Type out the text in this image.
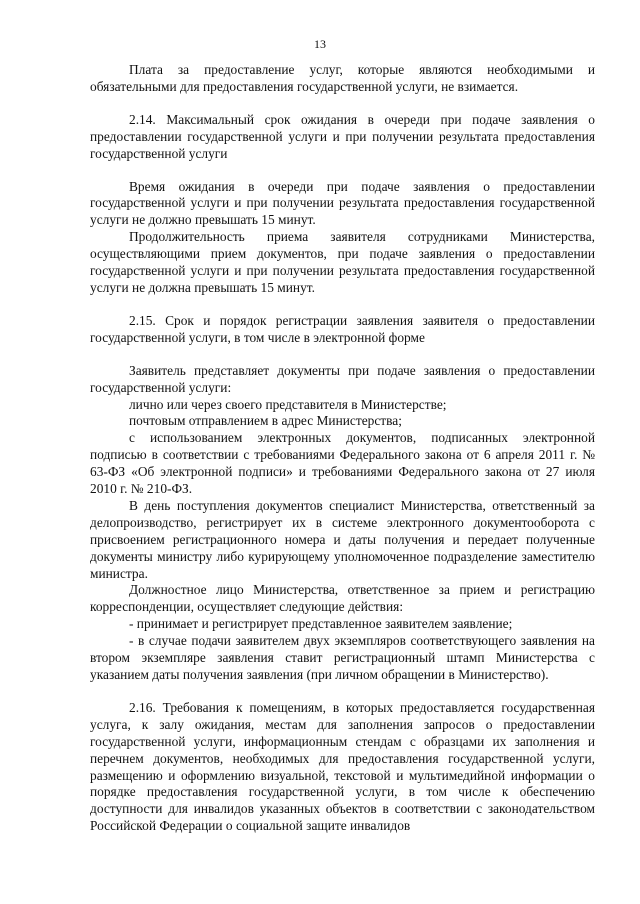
13

Плата за предоставление услуг, которые являются необходимыми и обязательными для предоставления государственной услуги, не взимается.

2.14. Максимальный срок ожидания в очереди при подаче заявления о предоставлении государственной услуги и при получении результата предоставления государственной услуги

Время ожидания в очереди при подаче заявления о предоставлении государственной услуги и при получении результата предоставления государственной услуги не должно превышать 15 минут.

Продолжительность приема заявителя сотрудниками Министерства, осуществляющими прием документов, при подаче заявления о предоставлении государственной услуги и при получении результата предоставления государственной услуги не должна превышать 15 минут.

2.15. Срок и порядок регистрации заявления заявителя о предоставлении государственной услуги, в том числе в электронной форме

Заявитель представляет документы при подаче заявления о предоставлении государственной услуги:

лично или через своего представителя в Министерстве;

почтовым отправлением в адрес Министерства;

с использованием электронных документов, подписанных электронной подписью в соответствии с требованиями Федерального закона от 6 апреля 2011 г. № 63-ФЗ «Об электронной подписи» и требованиями Федерального закона от 27 июля 2010 г. № 210-ФЗ.

В день поступления документов специалист Министерства, ответственный за делопроизводство, регистрирует их в системе электронного документооборота с присвоением регистрационного номера и даты получения и передает полученные документы министру либо курирующему уполномоченное подразделение заместителю министра.

Должностное лицо Министерства, ответственное за прием и регистрацию корреспонденции, осуществляет следующие действия:

- принимает и регистрирует представленное заявителем заявление;

- в случае подачи заявителем двух экземпляров соответствующего заявления на втором экземпляре заявления ставит регистрационный штамп Министерства с указанием даты получения заявления (при личном обращении в Министерство).

2.16. Требования к помещениям, в которых предоставляется государственная услуга, к залу ожидания, местам для заполнения запросов о предоставлении государственной услуги, информационным стендам с образцами их заполнения и перечнем документов, необходимых для предоставления государственной услуги, размещению и оформлению визуальной, текстовой и мультимедийной информации о порядке предоставления государственной услуги, в том числе к обеспечению доступности для инвалидов указанных объектов в соответствии с законодательством Российской Федерации о социальной защите инвалидов
